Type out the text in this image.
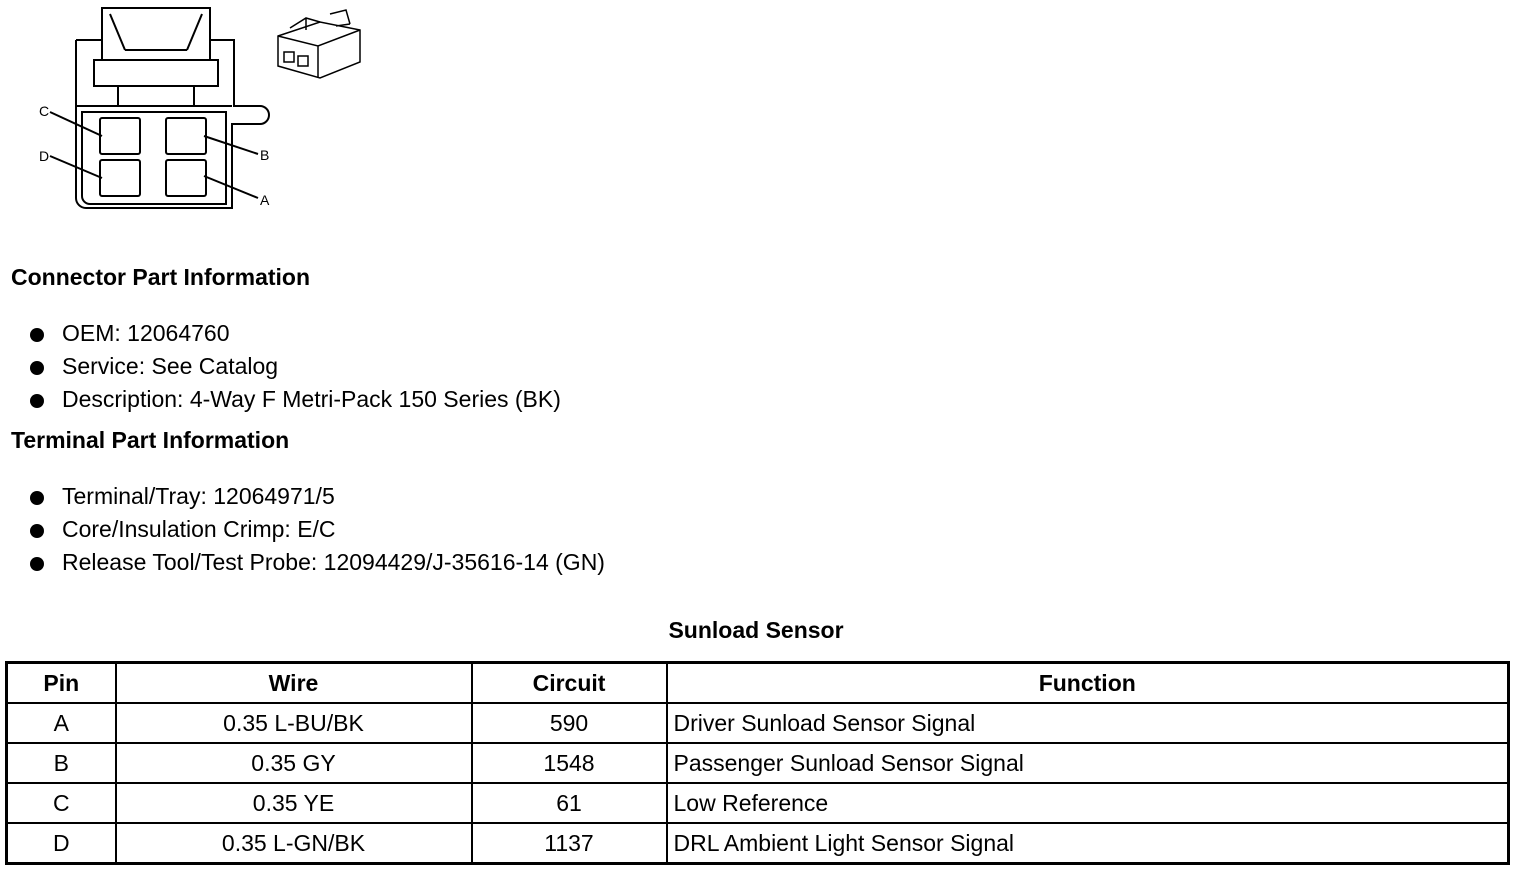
C
B
D
A
Connector Part Information
OEM: 12064760
Service: See Catalog
Description: 4-Way F Metri-Pack 150 Series (BK)
Terminal Part Information
Terminal/Tray: 12064971/5
Core/Insulation Crimp: E/C
Release Tool/Test Probe: 12094429/J-35616-14 (GN)
Sunload Sensor
Pin	Wire	Circuit	Function
A	0.35 L-BU/BK	590	Driver Sunload Sensor Signal
B	0.35 GY	1548	Passenger Sunload Sensor Signal
C	0.35 YE	61	Low Reference
D	0.35 L-GN/BK	1137	DRL Ambient Light Sensor Signal
